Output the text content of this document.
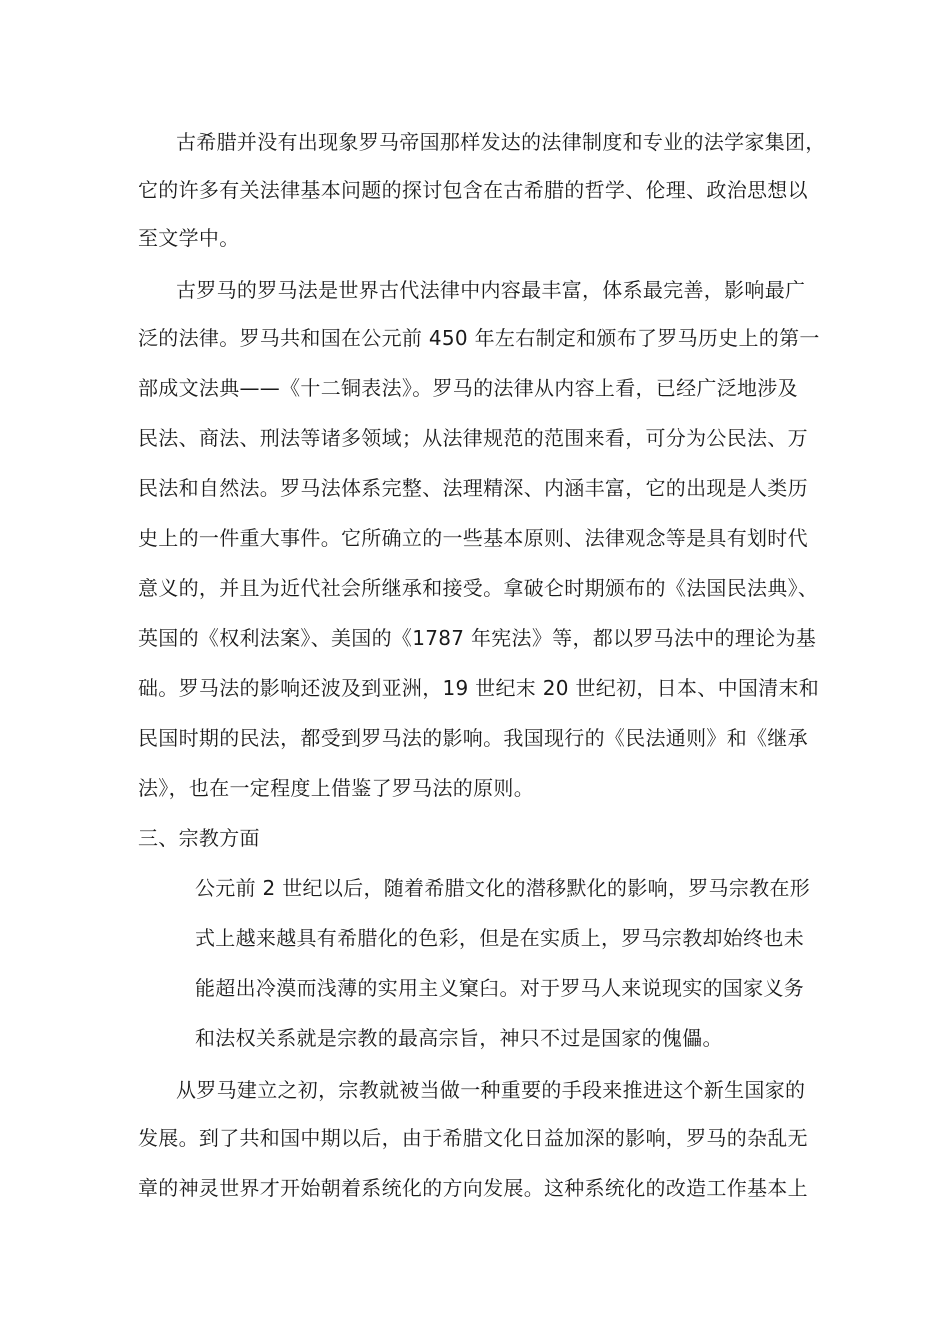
古希腊并没有出现象罗马帝国那样发达的法律制度和专业的法学家集团，
它的许多有关法律基本问题的探讨包含在古希腊的哲学、伦理、政治思想以
至文学中。
古罗马的罗马法是世界古代法律中内容最丰富，体系最完善，影响最广
泛的法律。罗马共和国在公元前 450 年左右制定和颁布了罗马历史上的第一
部成文法典——《十二铜表法》。罗马的法律从内容上看，已经广泛地涉及
民法、商法、刑法等诸多领域；从法律规范的范围来看，可分为公民法、万
民法和自然法。罗马法体系完整、法理精深、内涵丰富，它的出现是人类历
史上的一件重大事件。它所确立的一些基本原则、法律观念等是具有划时代
意义的，并且为近代社会所继承和接受。拿破仑时期颁布的《法国民法典》、
英国的《权利法案》、美国的《1787 年宪法》等，都以罗马法中的理论为基
础。罗马法的影响还波及到亚洲，19 世纪末 20 世纪初，日本、中国清末和
民国时期的民法，都受到罗马法的影响。我国现行的《民法通则》和《继承
法》，也在一定程度上借鉴了罗马法的原则。
三、宗教方面
公元前 2 世纪以后，随着希腊文化的潜移默化的影响，罗马宗教在形
式上越来越具有希腊化的色彩，但是在实质上，罗马宗教却始终也未
能超出冷漠而浅薄的实用主义窠臼。对于罗马人来说现实的国家义务
和法权关系就是宗教的最高宗旨，神只不过是国家的傀儡。
从罗马建立之初，宗教就被当做一种重要的手段来推进这个新生国家的
发展。到了共和国中期以后，由于希腊文化日益加深的影响，罗马的杂乱无
章的神灵世界才开始朝着系统化的方向发展。这种系统化的改造工作基本上
